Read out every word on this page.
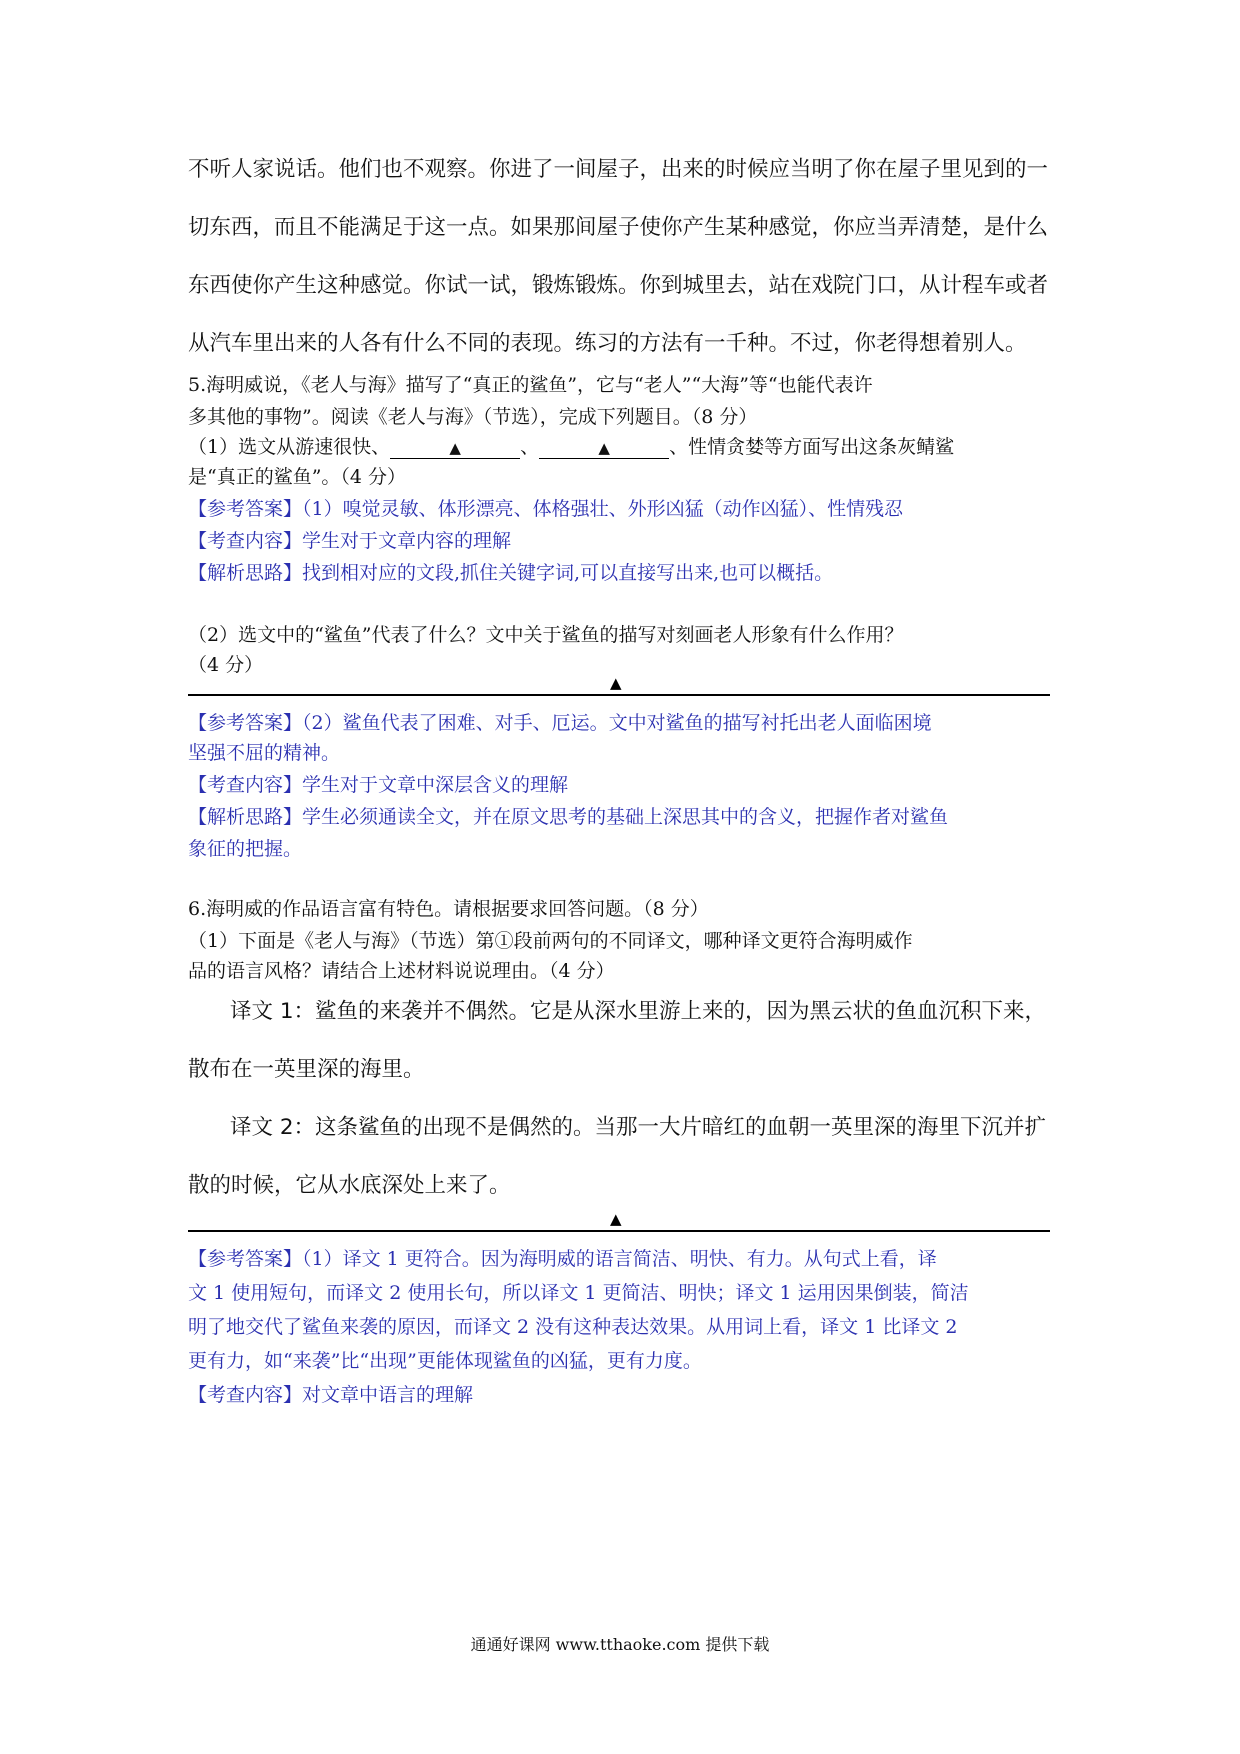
不听人家说话。他们也不观察。你进了一间屋子，出来的时候应当明了你在屋子里见到的一
切东西，而且不能满足于这一点。如果那间屋子使你产生某种感觉，你应当弄清楚，是什么
东西使你产生这种感觉。你试一试，锻炼锻炼。你到城里去，站在戏院门口，从计程车或者
从汽车里出来的人各有什么不同的表现。练习的方法有一千种。不过，你老得想着别人。
5.海明威说，《老人与海》描写了“真正的鲨鱼”，它与“老人”“大海”等“也能代表许
多其他的事物”。阅读《老人与海》（节选），完成下列题目。（8 分）
（1）选文从游速很快、	▲	、	▲	、性情贪婪等方面写出这条灰鲭鲨
是“真正的鲨鱼”。（4 分）
【参考答案】（1）嗅觉灵敏、体形漂亮、体格强壮、外形凶猛（动作凶猛）、性情残忍
【考查内容】学生对于文章内容的理解
【解析思路】找到相对应的文段,抓住关键字词,可以直接写出来,也可以概括。
（2）选文中的“鲨鱼”代表了什么？文中关于鲨鱼的描写对刻画老人形象有什么作用？
（4 分）
▲
【参考答案】（2）鲨鱼代表了困难、对手、厄运。文中对鲨鱼的描写衬托出老人面临困境
坚强不屈的精神。
【考查内容】学生对于文章中深层含义的理解
【解析思路】学生必须通读全文，并在原文思考的基础上深思其中的含义，把握作者对鲨鱼
象征的把握。
6.海明威的作品语言富有特色。请根据要求回答问题。（8 分）
（1）下面是《老人与海》（节选）第①段前两句的不同译文，哪种译文更符合海明威作
品的语言风格？请结合上述材料说说理由。（4 分）
译文 1：鲨鱼的来袭并不偶然。它是从深水里游上来的，因为黑云状的鱼血沉积下来，
散布在一英里深的海里。
译文 2：这条鲨鱼的出现不是偶然的。当那一大片暗红的血朝一英里深的海里下沉并扩
散的时候，它从水底深处上来了。
▲
【参考答案】（1）译文 1 更符合。因为海明威的语言简洁、明快、有力。从句式上看，译
文 1 使用短句，而译文 2 使用长句，所以译文 1 更简洁、明快；译文 1 运用因果倒装，简洁
明了地交代了鲨鱼来袭的原因，而译文 2 没有这种表达效果。从用词上看，译文 1 比译文 2
更有力，如“来袭”比“出现”更能体现鲨鱼的凶猛，更有力度。
【考查内容】对文章中语言的理解
通通好课网 www.tthaoke.com 提供下载
